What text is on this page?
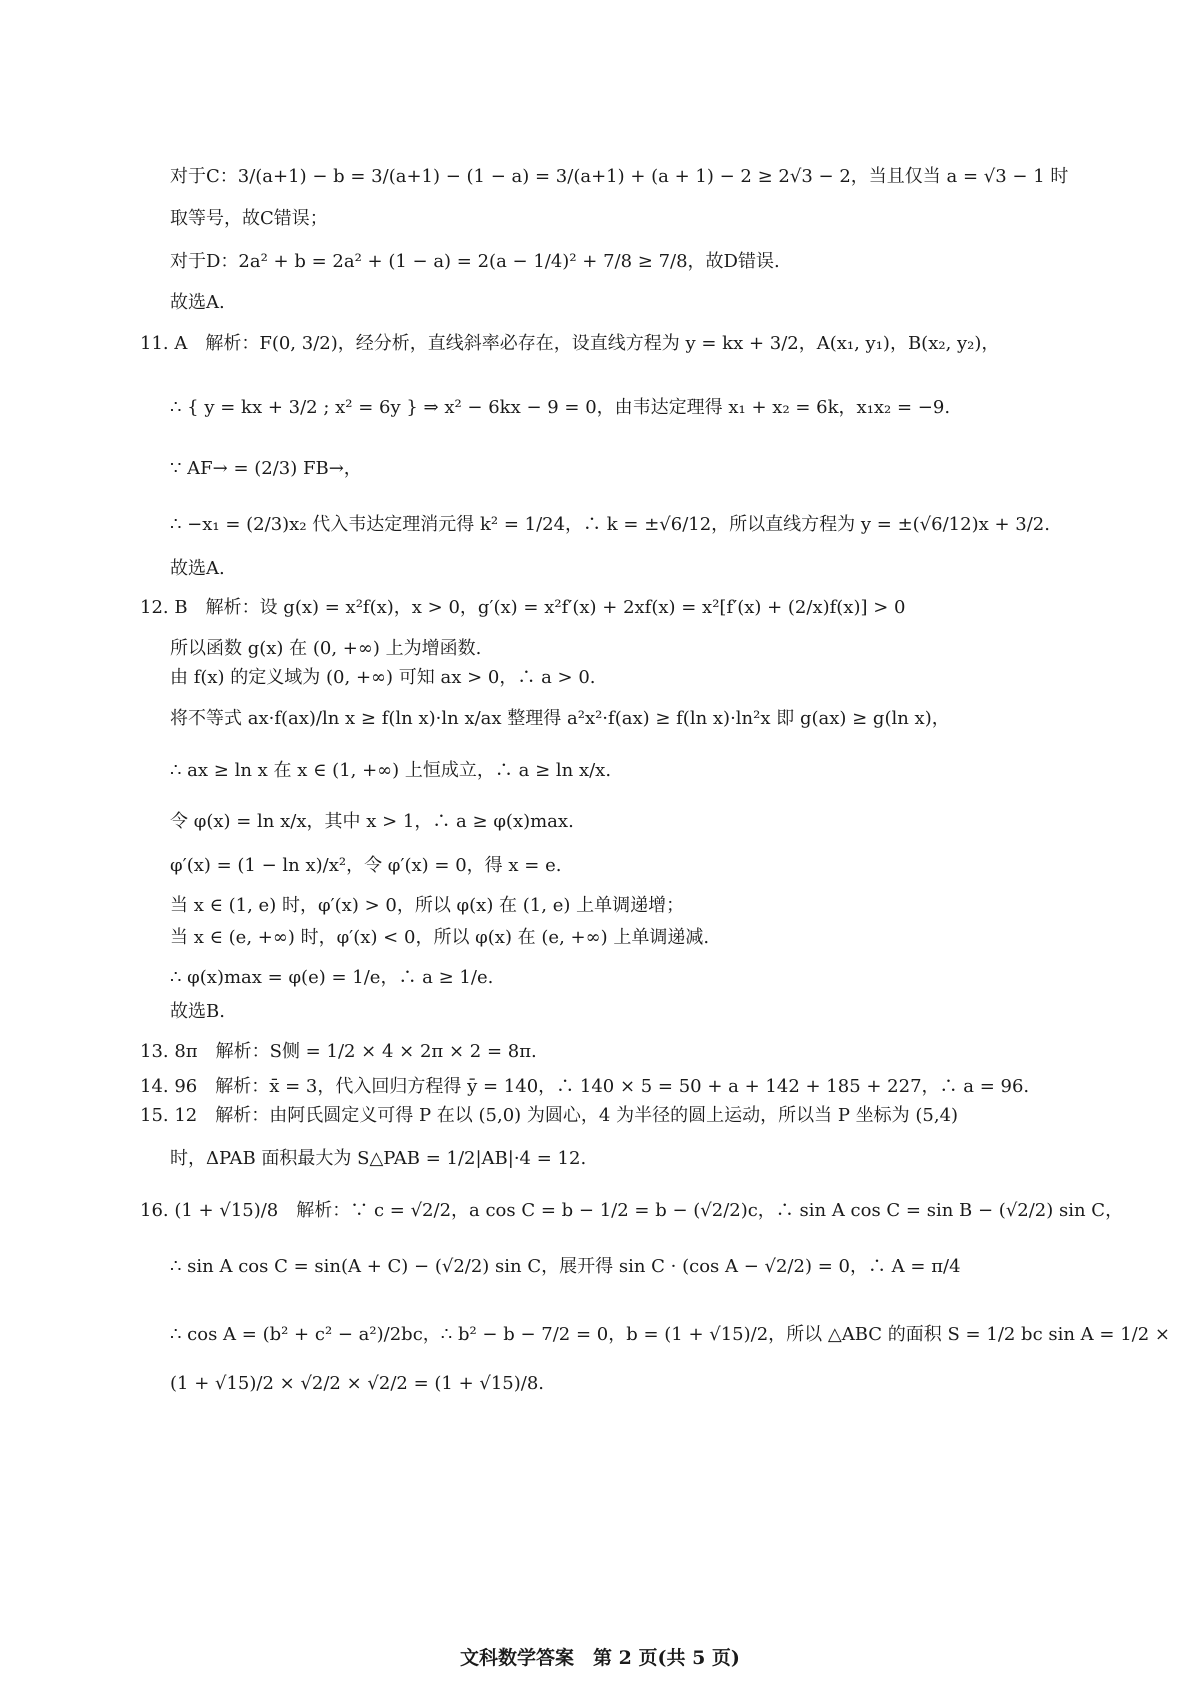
对于C：3/(a+1) − b = 3/(a+1) − (1 − a) = 3/(a+1) + (a + 1) − 2 ≥ 2√3 − 2，当且仅当 a = √3 − 1 时
取等号，故C错误；
对于D：2a² + b = 2a² + (1 − a) = 2(a − 1/4)² + 7/8 ≥ 7/8，故D错误.
故选A.
11. A　解析：F(0, 3/2)，经分析，直线斜率必存在，设直线方程为 y = kx + 3/2，A(x₁, y₁)，B(x₂, y₂)，
∴ { y = kx + 3/2 ; x² = 6y } ⇒ x² − 6kx − 9 = 0，由韦达定理得 x₁ + x₂ = 6k，x₁x₂ = −9.
∵ AF→ = (2/3) FB→，
∴ −x₁ = (2/3)x₂ 代入韦达定理消元得 k² = 1/24，∴ k = ±√6/12，所以直线方程为 y = ±(√6/12)x + 3/2.
故选A.
12. B　解析：设 g(x) = x²f(x)，x > 0，g′(x) = x²f′(x) + 2xf(x) = x²[f′(x) + (2/x)f(x)] > 0
所以函数 g(x) 在 (0, +∞) 上为增函数.
由 f(x) 的定义域为 (0, +∞) 可知 ax > 0，∴ a > 0.
将不等式 ax·f(ax)/ln x ≥ f(ln x)·ln x/ax 整理得 a²x²·f(ax) ≥ f(ln x)·ln²x 即 g(ax) ≥ g(ln x)，
∴ ax ≥ ln x 在 x ∈ (1, +∞) 上恒成立，∴ a ≥ ln x/x.
令 φ(x) = ln x/x，其中 x > 1，∴ a ≥ φ(x)max.
φ′(x) = (1 − ln x)/x²，令 φ′(x) = 0，得 x = e.
当 x ∈ (1, e) 时，φ′(x) > 0，所以 φ(x) 在 (1, e) 上单调递增；
当 x ∈ (e, +∞) 时，φ′(x) < 0，所以 φ(x) 在 (e, +∞) 上单调递减.
∴ φ(x)max = φ(e) = 1/e，∴ a ≥ 1/e.
故选B.
13. 8π　解析：S侧 = 1/2 × 4 × 2π × 2 = 8π.
14. 96　解析：x̄ = 3，代入回归方程得 ȳ = 140，∴ 140 × 5 = 50 + a + 142 + 185 + 227，∴ a = 96.
15. 12　解析：由阿氏圆定义可得 P 在以 (5,0) 为圆心，4 为半径的圆上运动，所以当 P 坐标为 (5,4)
时，ΔPAB 面积最大为 S△PAB = 1/2|AB|·4 = 12.
16. (1 + √15)/8　解析：∵ c = √2/2，a cos C = b − 1/2 = b − (√2/2)c，∴ sin A cos C = sin B − (√2/2) sin C，
∴ sin A cos C = sin(A + C) − (√2/2) sin C，展开得 sin C · (cos A − √2/2) = 0，∴ A = π/4
∴ cos A = (b² + c² − a²)/2bc，∴ b² − b − 7/2 = 0，b = (1 + √15)/2，所以 △ABC 的面积 S = 1/2 bc sin A = 1/2 ×
(1 + √15)/2 × √2/2 × √2/2 = (1 + √15)/8.
文科数学答案　第 2 页(共 5 页)
